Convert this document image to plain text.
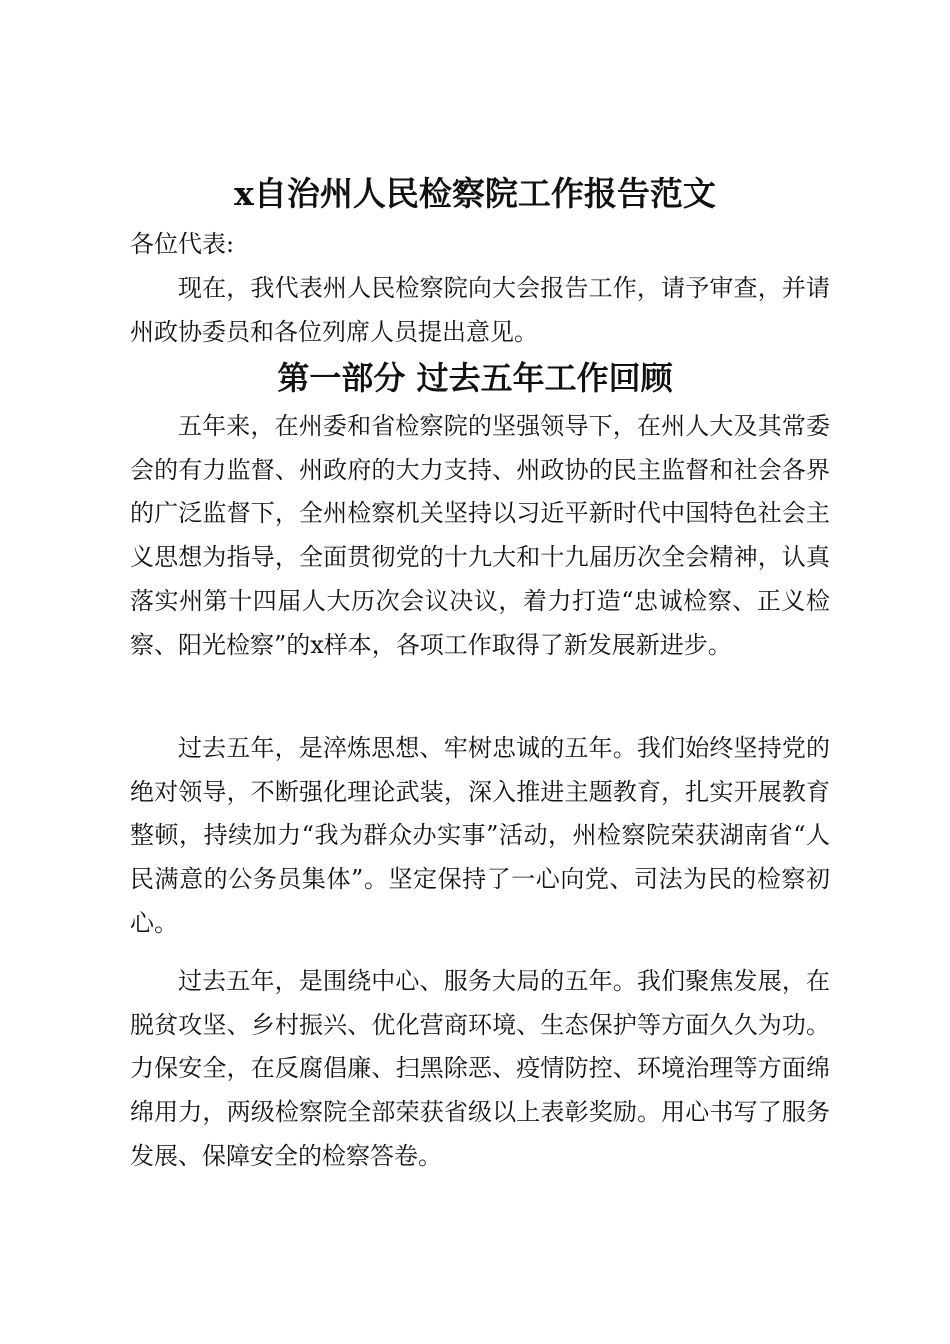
x自治州人民检察院工作报告范文
各位代表:

现在，我代表州人民检察院向大会报告工作，请予审查，并请州政协委员和各位列席人员提出意见。

第一部分 过去五年工作回顾

五年来，在州委和省检察院的坚强领导下，在州人大及其常委会的有力监督、州政府的大力支持、州政协的民主监督和社会各界的广泛监督下，全州检察机关坚持以习近平新时代中国特色社会主义思想为指导，全面贯彻党的十九大和十九届历次全会精神，认真落实州第十四届人大历次会议决议，着力打造“忠诚检察、正义检察、阳光检察”的x样本，各项工作取得了新发展新进步。

过去五年，是淬炼思想、牢树忠诚的五年。我们始终坚持党的绝对领导，不断强化理论武装，深入推进主题教育，扎实开展教育整顿，持续加力“我为群众办实事”活动，州检察院荣获湖南省“人民满意的公务员集体”。坚定保持了一心向党、司法为民的检察初心。

过去五年，是围绕中心、服务大局的五年。我们聚焦发展，在脱贫攻坚、乡村振兴、优化营商环境、生态保护等方面久久为功。力保安全，在反腐倡廉、扫黑除恶、疫情防控、环境治理等方面绵绵用力，两级检察院全部荣获省级以上表彰奖励。用心书写了服务发展、保障安全的检察答卷。
